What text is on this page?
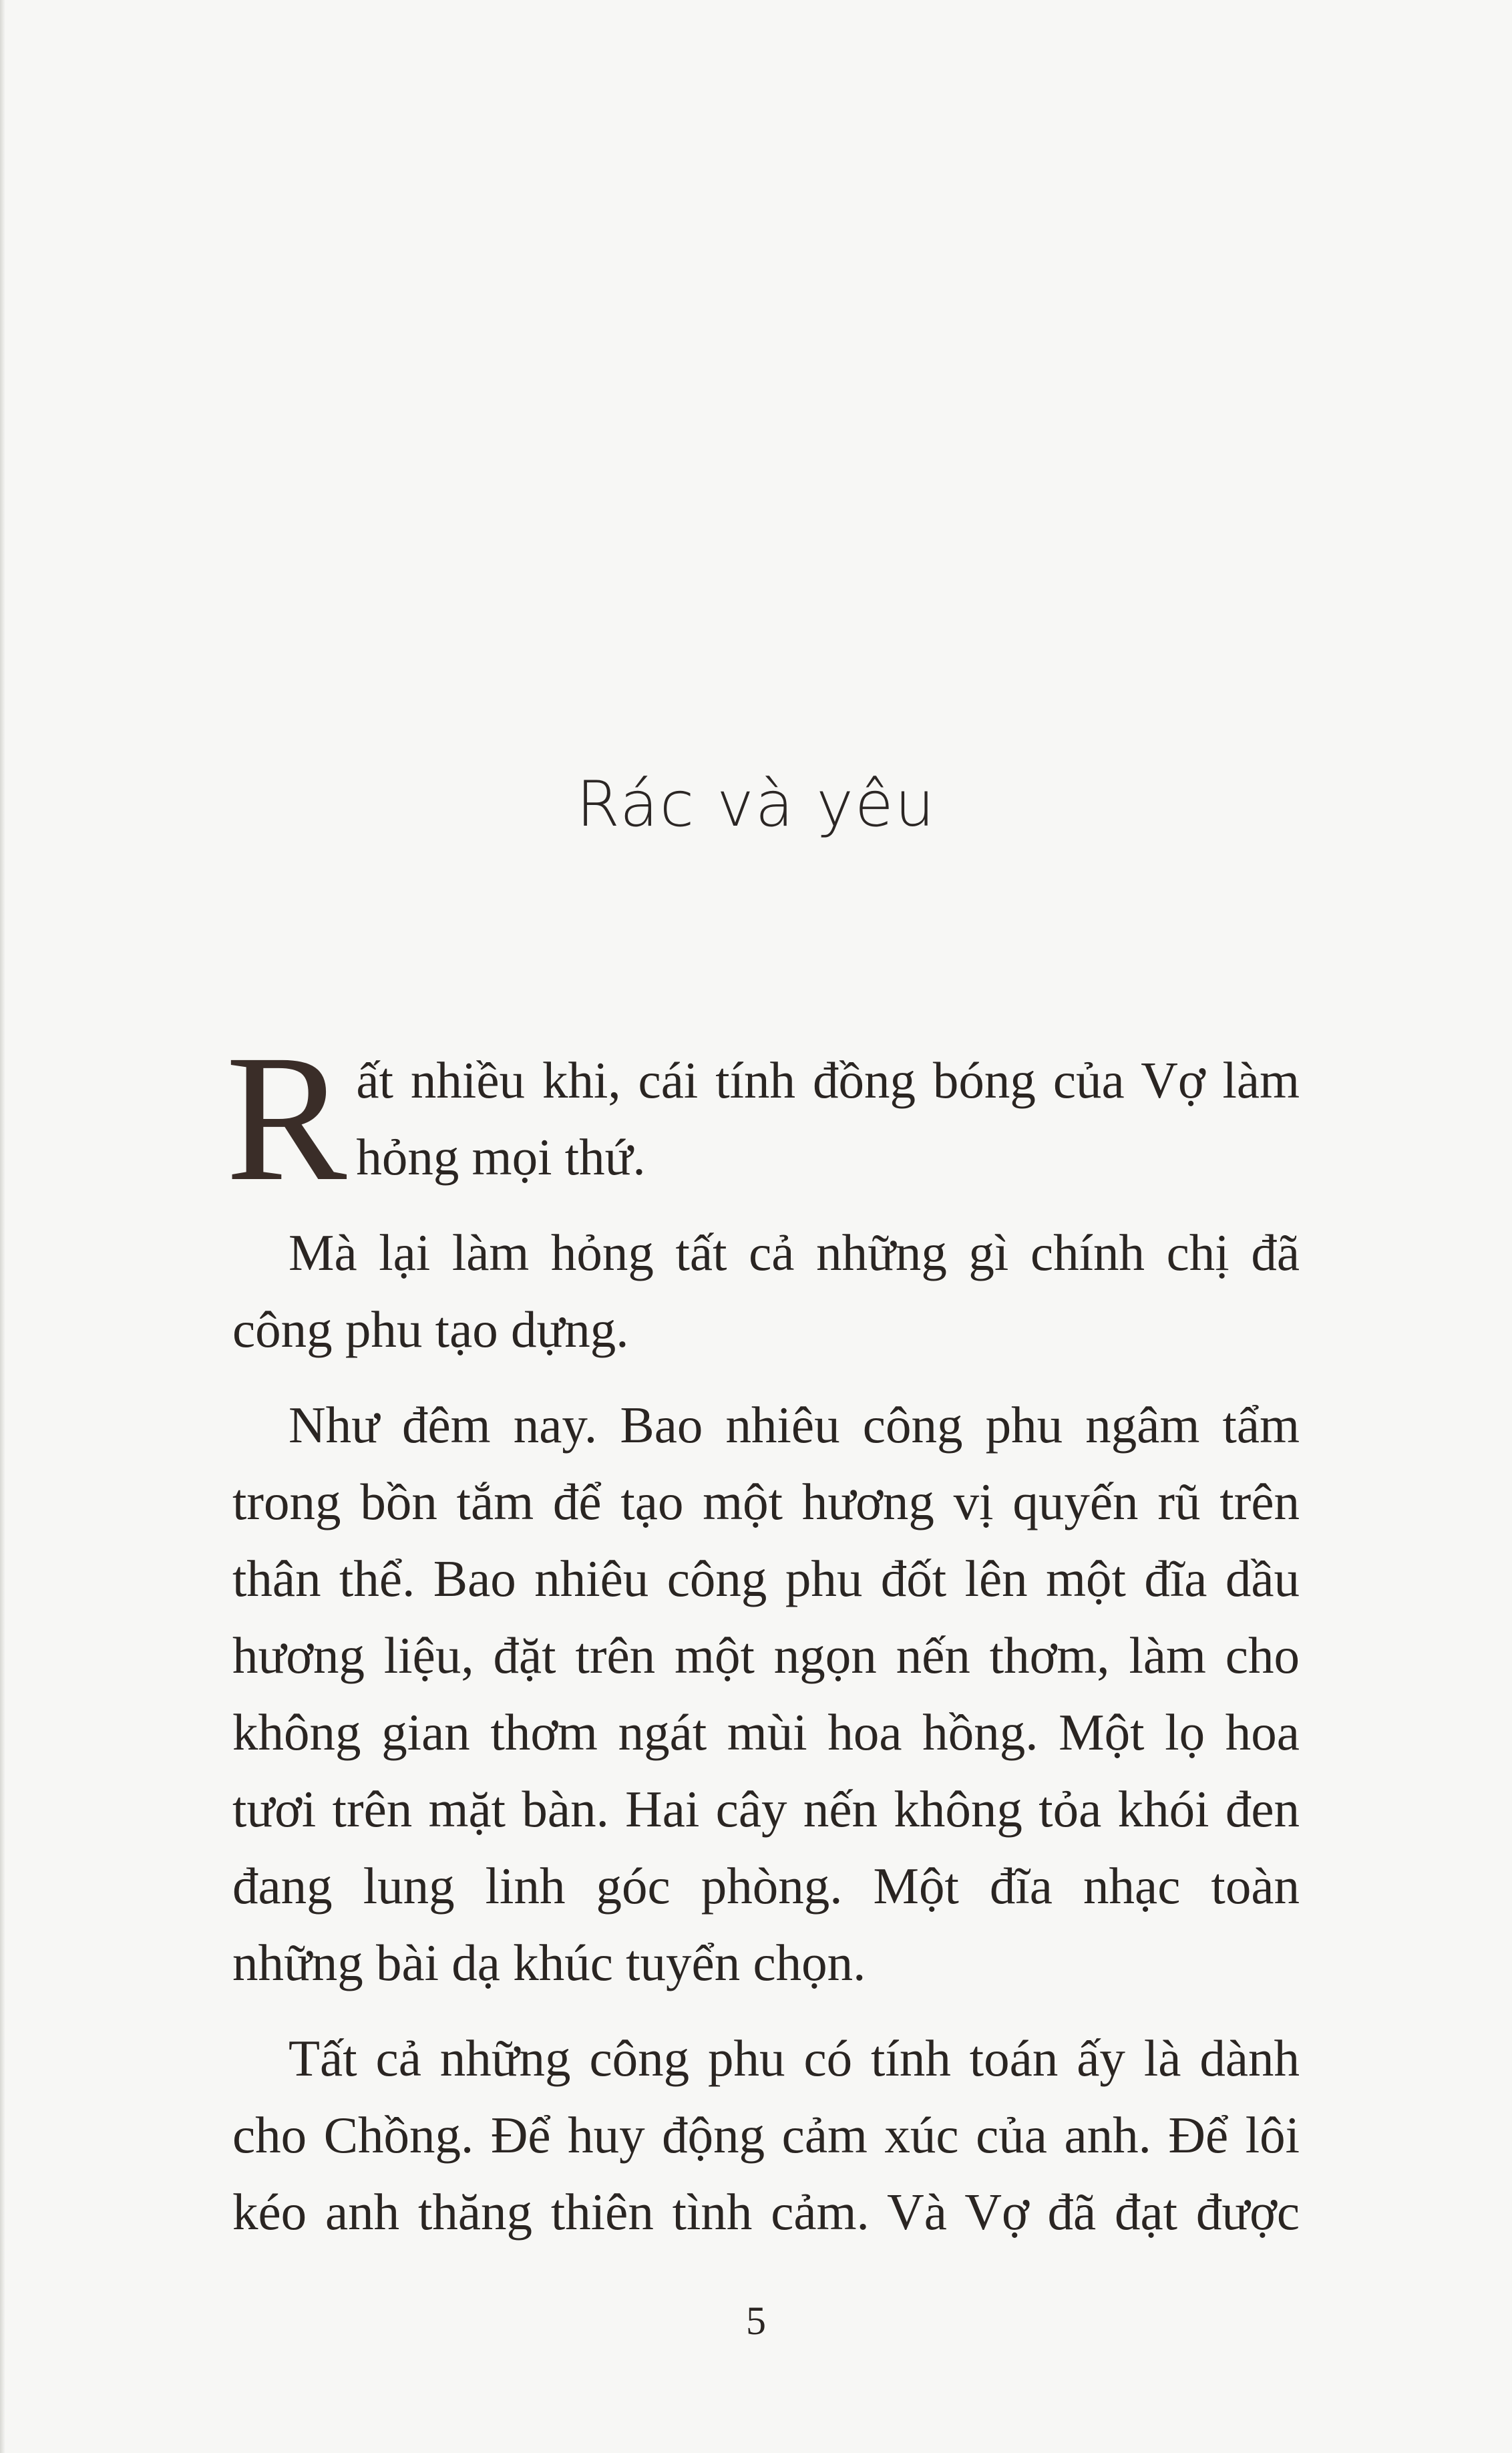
Rác và yêu

Rất nhiều khi, cái tính đồng bóng của Vợ làm hỏng mọi thứ.

Mà lại làm hỏng tất cả những gì chính chị đã công phu tạo dựng.

Như đêm nay. Bao nhiêu công phu ngâm tẩm trong bồn tắm để tạo một hương vị quyến rũ trên thân thể. Bao nhiêu công phu đốt lên một đĩa dầu hương liệu, đặt trên một ngọn nến thơm, làm cho không gian thơm ngát mùi hoa hồng. Một lọ hoa tươi trên mặt bàn. Hai cây nến không tỏa khói đen đang lung linh góc phòng. Một đĩa nhạc toàn những bài dạ khúc tuyển chọn.

Tất cả những công phu có tính toán ấy là dành cho Chồng. Để huy động cảm xúc của anh. Để lôi kéo anh thăng thiên tình cảm. Và Vợ đã đạt được

5
